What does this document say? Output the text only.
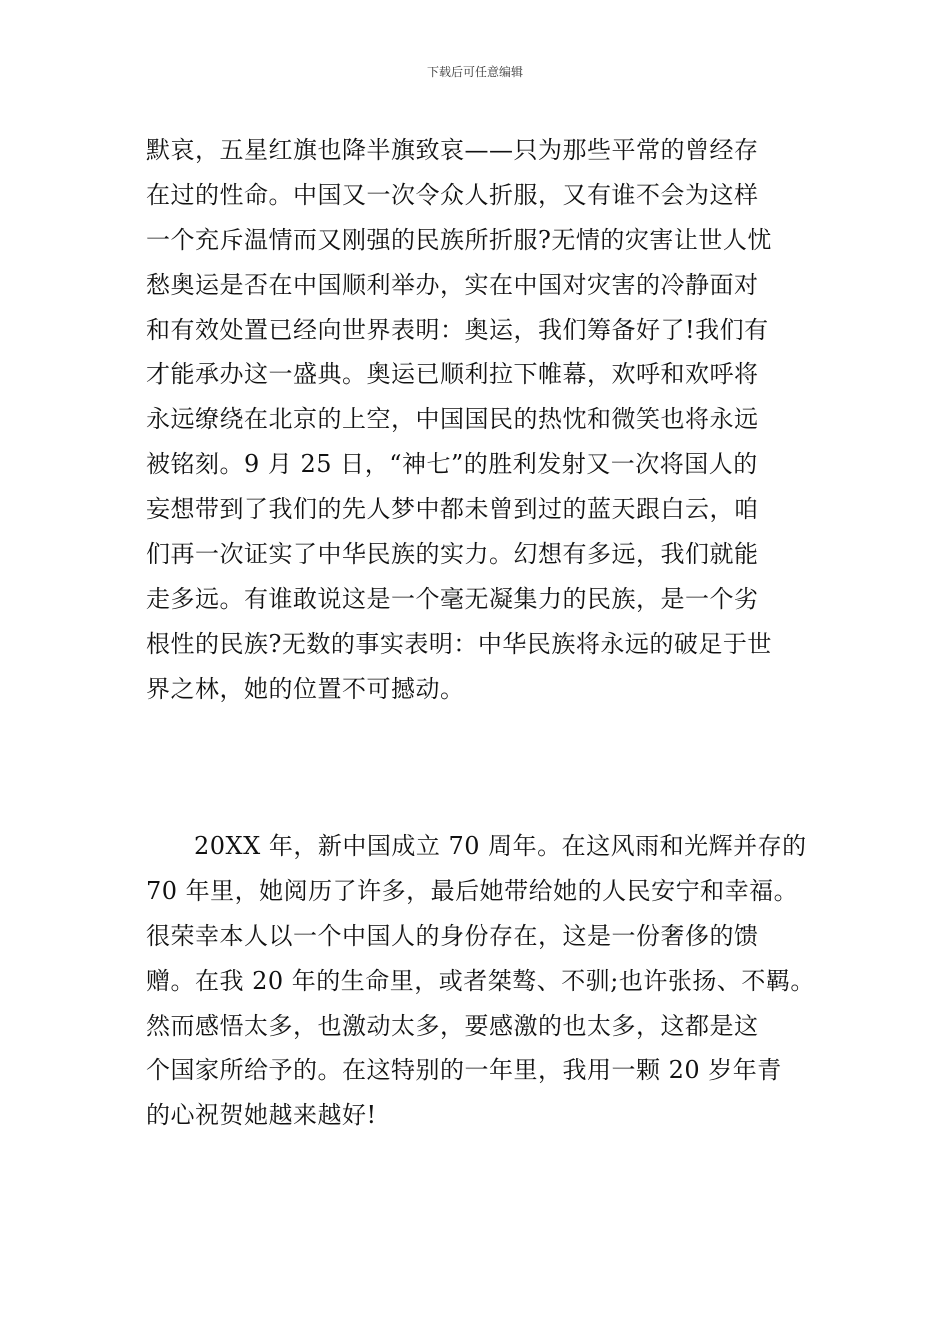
下载后可任意编辑
默哀，五星红旗也降半旗致哀——只为那些平常的曾经存
在过的性命。中国又一次令众人折服，又有谁不会为这样
一个充斥温情而又刚强的民族所折服?无情的灾害让世人忧
愁奥运是否在中国顺利举办，实在中国对灾害的冷静面对
和有效处置已经向世界表明：奥运，我们筹备好了!我们有
才能承办这一盛典。奥运已顺利拉下帷幕，欢呼和欢呼将
永远缭绕在北京的上空，中国国民的热忱和微笑也将永远
被铭刻。9 月 25 日，“神七”的胜利发射又一次将国人的
妄想带到了我们的先人梦中都未曾到过的蓝天跟白云，咱
们再一次证实了中华民族的实力。幻想有多远，我们就能
走多远。有谁敢说这是一个毫无凝集力的民族，是一个劣
根性的民族?无数的事实表明：中华民族将永远的破足于世
界之林，她的位置不可撼动。
20XX 年，新中国成立 70 周年。在这风雨和光辉并存的
70 年里，她阅历了许多，最后她带给她的人民安宁和幸福。
很荣幸本人以一个中国人的身份存在，这是一份奢侈的馈
赠。在我 20 年的生命里，或者桀骜、不驯;也许张扬、不羁。
然而感悟太多，也激动太多，要感激的也太多，这都是这
个国家所给予的。在这特别的一年里，我用一颗 20 岁年青
的心祝贺她越来越好!
